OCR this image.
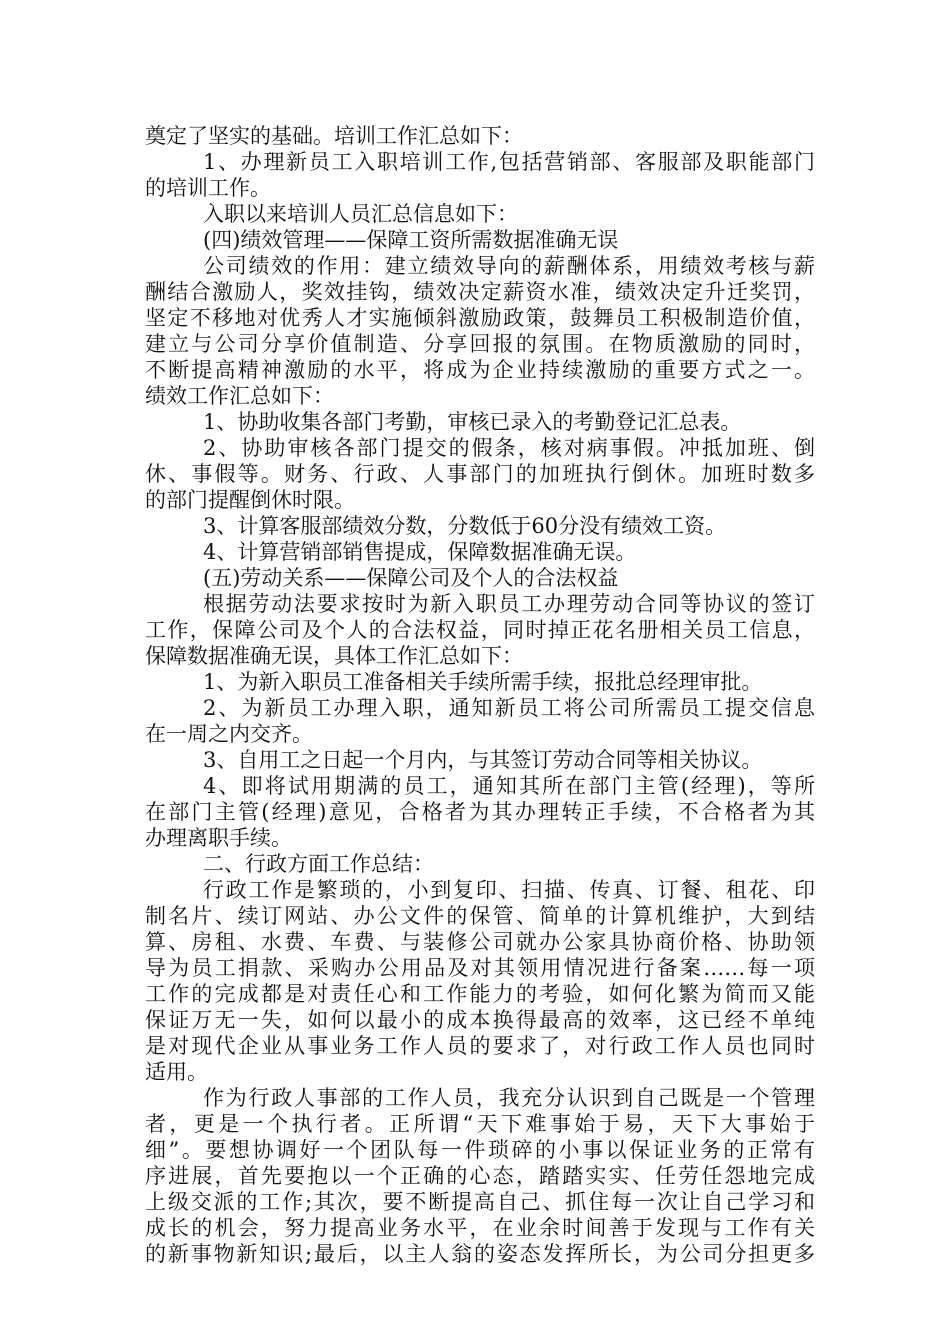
奠定了坚实的基础。培训工作汇总如下：
1、办理新员工入职培训工作,包括营销部、客服部及职能部门
的培训工作。
入职以来培训人员汇总信息如下：
(四)绩效管理——保障工资所需数据准确无误
公司绩效的作用：建立绩效导向的薪酬体系，用绩效考核与薪
酬结合激励人，奖效挂钩，绩效决定薪资水准，绩效决定升迁奖罚，
坚定不移地对优秀人才实施倾斜激励政策，鼓舞员工积极制造价值，
建立与公司分享价值制造、分享回报的氛围。在物质激励的同时，
不断提高精神激励的水平，将成为企业持续激励的重要方式之一。
绩效工作汇总如下：
1、协助收集各部门考勤，审核已录入的考勤登记汇总表。
2、协助审核各部门提交的假条，核对病事假。冲抵加班、倒
休、事假等。财务、行政、人事部门的加班执行倒休。加班时数多
的部门提醒倒休时限。
3、计算客服部绩效分数，分数低于60分没有绩效工资。
4、计算营销部销售提成，保障数据准确无误。
(五)劳动关系——保障公司及个人的合法权益
根据劳动法要求按时为新入职员工办理劳动合同等协议的签订
工作，保障公司及个人的合法权益，同时掉正花名册相关员工信息，
保障数据准确无误，具体工作汇总如下：
1、为新入职员工准备相关手续所需手续，报批总经理审批。
2、为新员工办理入职，通知新员工将公司所需员工提交信息
在一周之内交齐。
3、自用工之日起一个月内，与其签订劳动合同等相关协议。
4、即将试用期满的员工，通知其所在部门主管(经理)，等所
在部门主管(经理)意见，合格者为其办理转正手续，不合格者为其
办理离职手续。
二、行政方面工作总结：
行政工作是繁琐的，小到复印、扫描、传真、订餐、租花、印
制名片、续订网站、办公文件的保管、简单的计算机维护，大到结
算、房租、水费、车费、与装修公司就办公家具协商价格、协助领
导为员工捐款、采购办公用品及对其领用情况进行备案……每一项
工作的完成都是对责任心和工作能力的考验，如何化繁为简而又能
保证万无一失，如何以最小的成本换得最高的效率，这已经不单纯
是对现代企业从事业务工作人员的要求了，对行政工作人员也同时
适用。
作为行政人事部的工作人员，我充分认识到自己既是一个管理
者，更是一个执行者。正所谓“天下难事始于易，天下大事始于
细”。要想协调好一个团队每一件琐碎的小事以保证业务的正常有
序进展，首先要抱以一个正确的心态，踏踏实实、任劳任怨地完成
上级交派的工作;其次，要不断提高自己、抓住每一次让自己学习和
成长的机会，努力提高业务水平，在业余时间善于发现与工作有关
的新事物新知识;最后，以主人翁的姿态发挥所长，为公司分担更多
